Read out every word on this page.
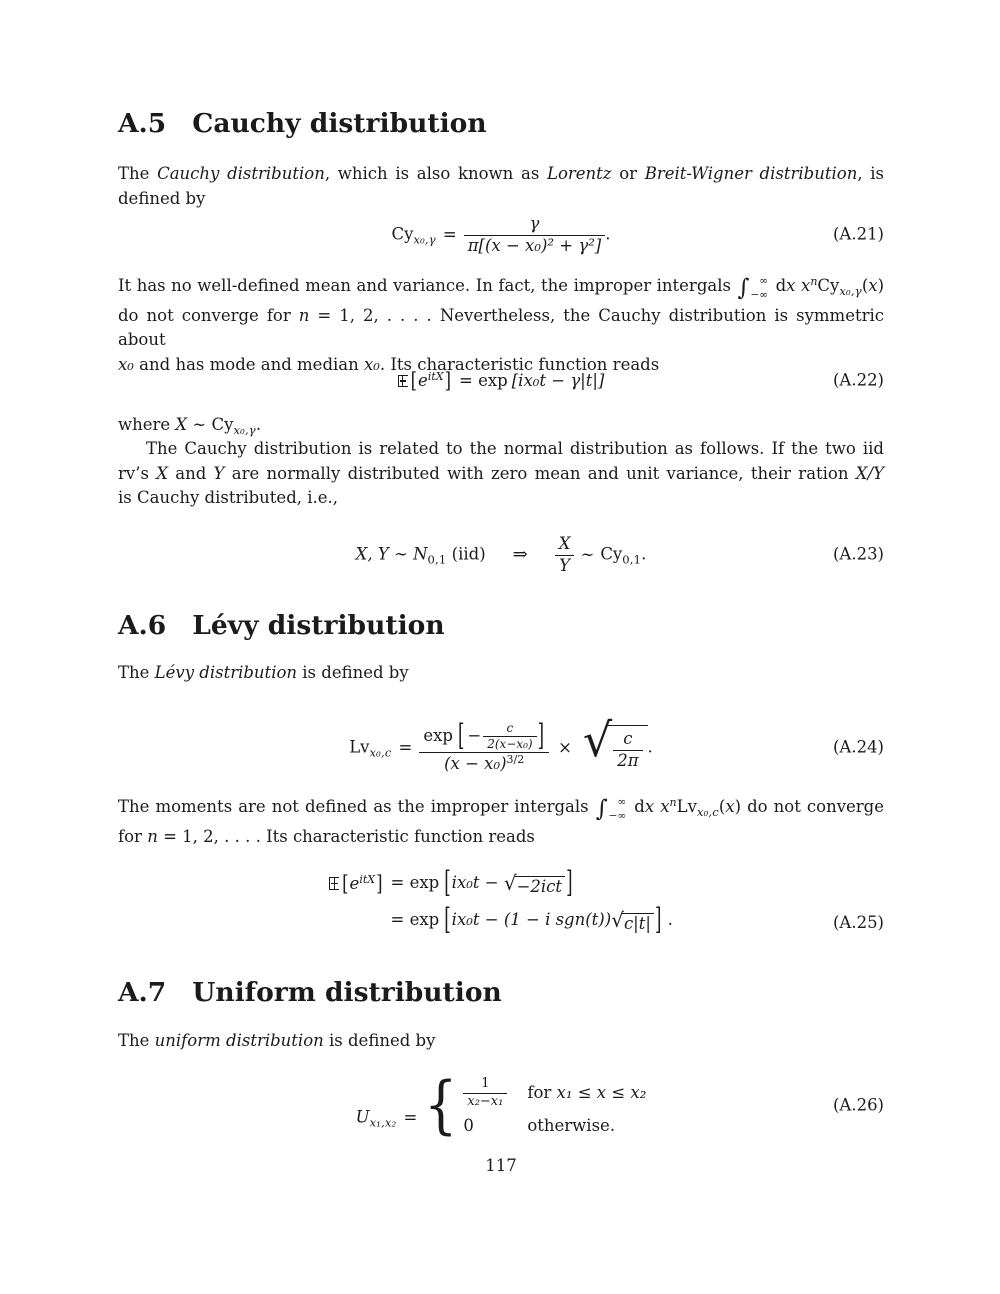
A.5 Cauchy distribution
The Cauchy distribution, which is also known as Lorentz or Breit-Wigner distribution, is
defined by
$Cy_{x_0,\gamma} = \frac{\gamma}{\text{π[(x − x₀)² + γ²]}}$ .	(A.21)
It has no well-defined mean and variance. In fact, the improper intergals ∫ ∞
−∞ dx $x^nCy_{x_0,\gamma}(x)$
do not converge for n = 1, 2, . . . . Nevertheless, the Cauchy distribution is symmetric about
x₀ and has mode and median x₀. Its characteristic function reads
$[e^{itX}] = \exp [ix_0t - \gamma|t|]$	(A.22)
where X ∼ $Cy_{x_0,\gamma}$.
The Cauchy distribution is related to the normal distribution as follows. If the two iid
rv’s X and Y are normally distributed with zero mean and unit variance, their ration X/Y
is Cauchy distributed, i.e.,
X, Y ∼ $N_{0,1}$ (iid) ⇒ $\frac{X}{Y}$ ∼ $Cy_{0,1}$.	(A.23)
A.6 Lévy distribution
The Lévy distribution is defined by
$Lv_{x_0,c} = \frac{\exp [ - \frac{c}{\text{2(x−x₀)}} ]}{(x - x_0)^{3/2}}$ × √ $\frac{c}{2\pi}$ .	(A.24)
The moments are not defined as the improper intergals ∫ ∞
−∞ dx $x^nLv_{x_0,c}(x)$ do not converge
for n = 1, 2, . . . . Its characteristic function reads
$[e^{itX}] = \exp [ix_0t$ − √ −2ict ]
= exp [ix₀t − (1 − i sgn(t)) √ c|t| ] .	(A.25)
A.7 Uniform distribution
The uniform distribution is defined by
$U_{x_1,x_2}$ = { $\frac{1}{\text{x₂−x₁}}$ for x₁ ≤ x ≤ x₂
0	otherwise.
(A.26)
117
